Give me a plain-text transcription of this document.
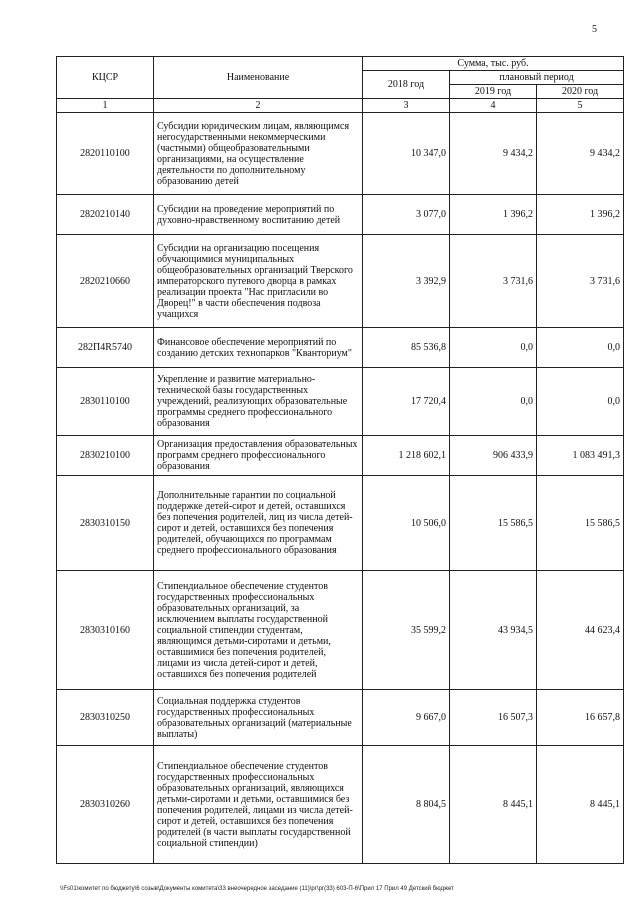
5
КЦСР	Наименование	Сумма, тыс. руб.		
		2018 год	плановый период	
			2019 год	2020 год
1	2	3	4	5
2820110100	Субсидии юридическим лицам, являющимся негосударственными некоммерческими (частными) общеобразовательными организациями, на осуществление деятельности по дополнительному образованию детей	10 347,0	9 434,2	9 434,2
2820210140	Субсидии на проведение мероприятий по духовно-нравственному воспитанию детей	3 077,0	1 396,2	1 396,2
2820210660	Субсидии на организацию посещения обучающимися муниципальных общеобразовательных организаций Тверского императорского путевого дворца в рамках реализации проекта "Нас пригласили во Дворец!" в части обеспечения подвоза учащихся	3 392,9	3 731,6	3 731,6
282П4R5740	Финансовое обеспечение мероприятий по созданию детских технопарков "Кванториум"	85 536,8	0,0	0,0
2830110100	Укрепление и развитие материально-технической базы государственных учреждений, реализующих образовательные программы среднего профессионального образования	17 720,4	0,0	0,0
2830210100	Организация предоставления образовательных программ среднего профессионального образования	1 218 602,1	906 433,9	1 083 491,3
2830310150	Дополнительные гарантии по социальной поддержке детей-сирот и детей, оставшихся без попечения родителей, лиц из числа детей-сирот и детей, оставшихся без попечения родителей, обучающихся по программам среднего профессионального образования	10 506,0	15 586,5	15 586,5
2830310160	Стипендиальное обеспечение студентов государственных профессиональных образовательных организаций, за исключением выплаты государственной социальной стипендии студентам, являющимся детьми-сиротами и детьми, оставшимися без попечения родителей, лицами из числа детей-сирот и детей, оставшихся без попечения родителей	35 599,2	43 934,5	44 623,4
2830310250	Социальная поддержка студентов государственных профессиональных образовательных организаций (материальные выплаты)	9 667,0	16 507,3	16 657,8
2830310260	Стипендиальное обеспечение студентов государственных профессиональных образовательных организаций, являющихся детьми-сиротами и детьми, оставшимися без попечения родителей, лицами из числа детей-сирот и детей, оставшихся без попечения родителей (в части выплаты государственной социальной стипендии)	8 804,5	8 445,1	8 445,1
\\Fs01\комитет по бюджету\6 созыв\Документы комитета\33 внеочередное заседание (11)\рг\рг(33) 603-П-6\Прил 17 Прил 49 Детский бюджет
